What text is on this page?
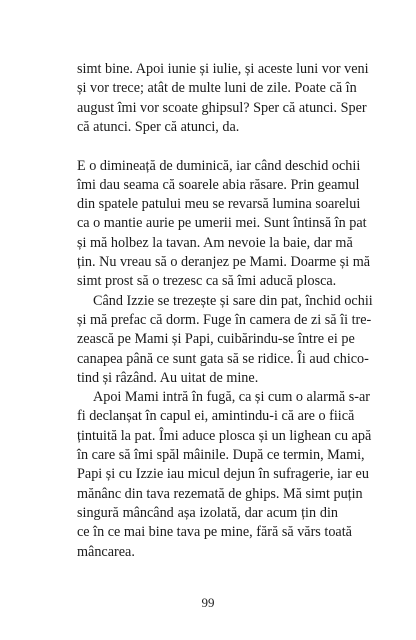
simt bine. Apoi iunie și iulie, și aceste luni vor veni
și vor trece; atât de multe luni de zile. Poate că în
august îmi vor scoate ghipsul? Sper că atunci. Sper
că atunci. Sper că atunci, da.
E o dimineață de duminică, iar când deschid ochii
îmi dau seama că soarele abia răsare. Prin geamul
din spatele patului meu se revarsă lumina soarelui
ca o mantie aurie pe umerii mei. Sunt întinsă în pat
și mă holbez la tavan. Am nevoie la baie, dar mă
țin. Nu vreau să o deranjez pe Mami. Doarme și mă
simt prost să o trezesc ca să îmi aducă plosca.
Când Izzie se trezește și sare din pat, închid ochii
și mă prefac că dorm. Fuge în camera de zi să îi tre-
zească pe Mami și Papi, cuibărindu-se între ei pe
canapea până ce sunt gata să se ridice. Îi aud chico-
tind și râzând. Au uitat de mine.
Apoi Mami intră în fugă, ca și cum o alarmă s-ar
fi declanșat în capul ei, amintindu-i că are o fiică
țintuită la pat. Îmi aduce plosca și un lighean cu apă
în care să îmi spăl mâinile. După ce termin, Mami,
Papi și cu Izzie iau micul dejun în sufragerie, iar eu
mănânc din tava rezemată de ghips. Mă simt puțin
singură mâncând așa izolată, dar acum țin din
ce în ce mai bine tava pe mine, fără să vărs toată
mâncarea.
99
